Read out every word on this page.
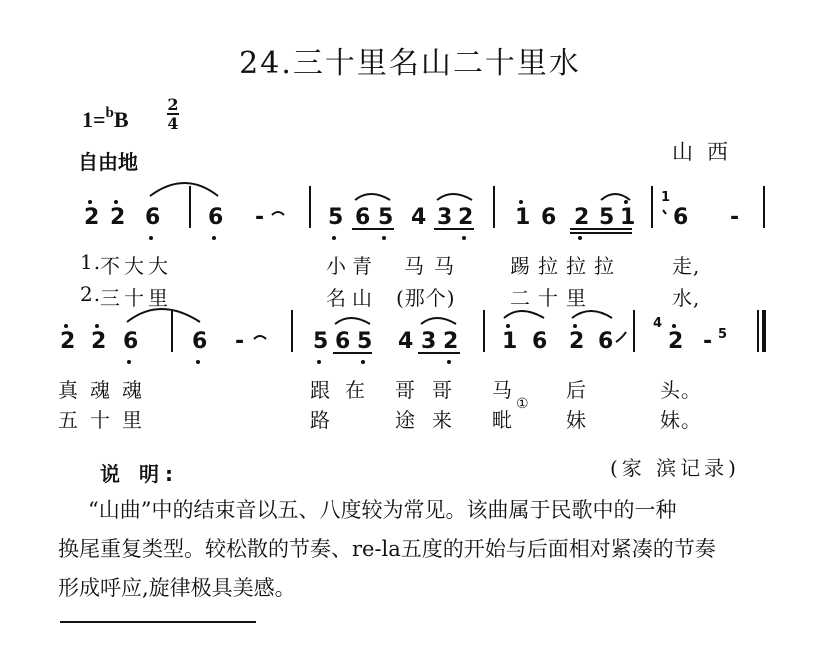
24.三十里名山二十里水
1=$^b$B
2
4
自由地	山西
2 2 6 6 -	5 6 5 4 3 2 1 6 2 5 1 6 -
1
2 2 6 6 -	5 6 5 4 3 2 1 6 2 6 2 - 5
4
1.
不 大 大	小 青 马 马	踢 拉 拉 拉	走,
2.
三 十 里	名 山 (那个)	二 十 里	水,
真 魂 魂	跟 在 哥 哥 马	后	头。
五 十 里	路	途 来 毗
①
妹	妹。
说 明:	(家 滨记录)
“山曲”中的结束音以五、八度较为常见。该曲属于民歌中的一种
换尾重复类型。较松散的节奏、re-la五度的开始与后面相对紧凑的节奏
形成呼应,旋律极具美感。
